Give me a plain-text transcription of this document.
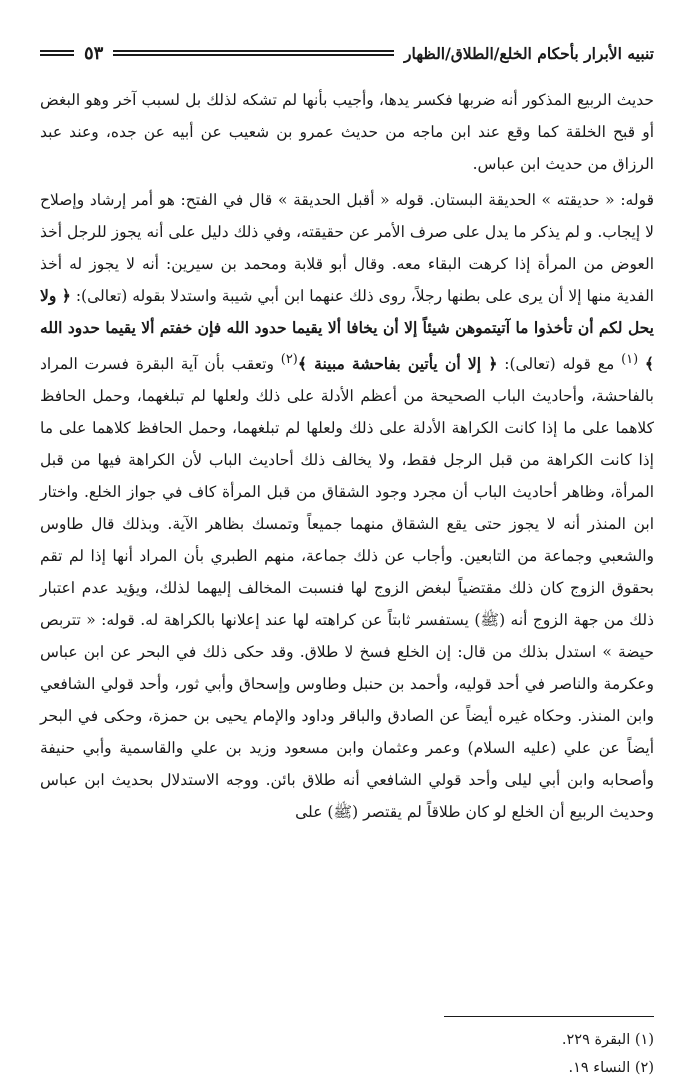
تنبيه الأبرار بأحكام الخلع/الطلاق/الظهار
٥٣

حديث الربيع المذكور أنه ضربها فكسر يدها، وأجيب بأنها لم تشكه لذلك بل لسبب آخر وهو البغض أو قبح الخلقة كما وقع عند ابن ماجه من حديث عمرو بن شعيب عن أبيه عن جده، وعند عبد الرزاق من حديث ابن عباس.

قوله: « حديقته » الحديقة البستان. قوله « أقبل الحديقة » قال في الفتح: هو أمر إرشاد وإصلاح لا إيجاب. و لم يذكر ما يدل على صرف الأمر عن حقيقته، وفي ذلك دليل على أنه يجوز للرجل أخذ العوض من المرأة إذا كرهت البقاء معه. وقال أبو قلابة ومحمد بن سيرين: أنه لا يجوز له أخذ الفدية منها إلا أن يرى على بطنها رجلاً، روى ذلك عنهما ابن أبي شيبة واستدلا بقوله (تعالى): ﴿ ولا يحل لكم أن تأخذوا ما آتيتموهن شيئاً إلا أن يخافا ألا يقيما حدود الله فإن خفتم ألا يقيما حدود الله ﴾ $^{(١)}$ مع قوله (تعالى): ﴿ إلا أن يأتين بفاحشة مبينة ﴾$^{(٢)}$ وتعقب بأن آية البقرة فسرت المراد بالفاحشة، وأحاديث الباب الصحيحة من أعظم الأدلة على ذلك ولعلها لم تبلغهما، وحمل الحافظ كلاهما على ما إذا كانت الكراهة الأدلة على ذلك ولعلها لم تبلغهما، وحمل الحافظ كلاهما على ما إذا كانت الكراهة من قبل الرجل فقط، ولا يخالف ذلك أحاديث الباب لأن الكراهة فيها من قبل المرأة، وظاهر أحاديث الباب أن مجرد وجود الشقاق من قبل المرأة كاف في جواز الخلع. واختار ابن المنذر أنه لا يجوز حتى يقع الشقاق منهما جميعاً وتمسك بظاهر الآية. وبذلك قال طاوس والشعبي وجماعة من التابعين. وأجاب عن ذلك جماعة، منهم الطبري بأن المراد أنها إذا لم تقم بحقوق الزوج كان ذلك مقتضياً لبغض الزوج لها فنسبت المخالف إليهما لذلك، ويؤيد عدم اعتبار ذلك من جهة الزوج أنه (ﷺ) يستفسر ثابتاً عن كراهته لها عند إعلانها بالكراهة له. قوله: « تتربص حيضة » استدل بذلك من قال: إن الخلع فسخ لا طلاق. وقد حكى ذلك في البحر عن ابن عباس وعكرمة والناصر في أحد قوليه، وأحمد بن حنبل وطاوس وإسحاق وأبي ثور، وأحد قولي الشافعي وابن المنذر. وحكاه غيره أيضاً عن الصادق والباقر وداود والإمام يحيى بن حمزة، وحكى في البحر أيضاً عن علي (عليه السلام) وعمر وعثمان وابن مسعود وزيد بن علي والقاسمية وأبي حنيفة وأصحابه وابن أبي ليلى وأحد قولي الشافعي أنه طلاق بائن. ووجه الاستدلال بحديث ابن عباس وحديث الربيع أن الخلع لو كان طلاقاً لم يقتصر (ﷺ) على

(١) البقرة ٢٢٩.
(٢) النساء ١٩.
